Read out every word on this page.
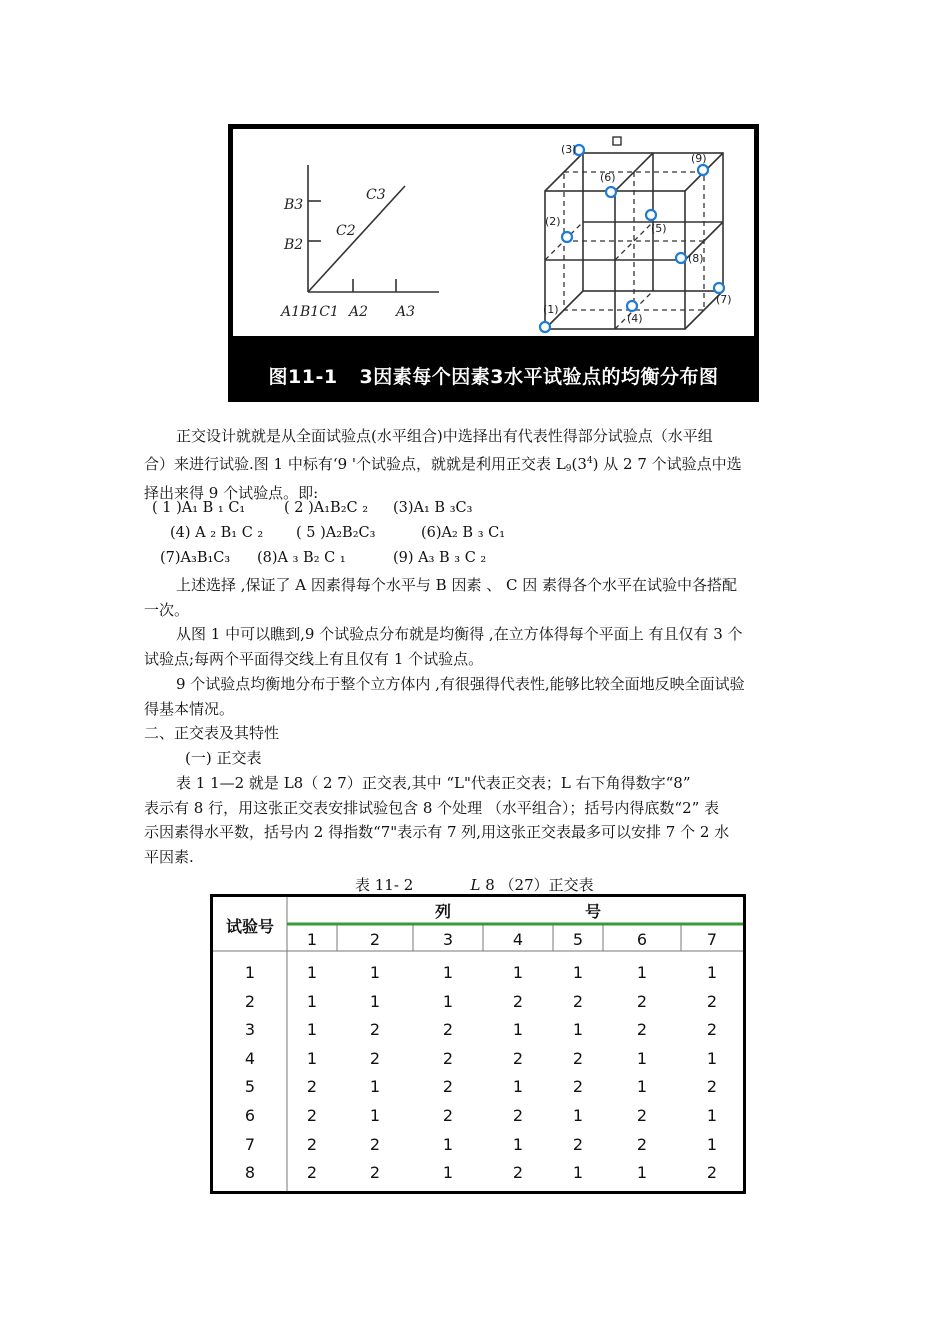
B3
B2
A1B1C1 A2 A3
C3
C2
(1)
(2)
(3)
(4)
(5)
(6)
(7)
(8)
(9)
图11-1 3因素每个因素3水平试验点的均衡分布图
正交设计就就是从全面试验点(水平组合)中选择出有代表性得部分试验点（水平组
合）来进行试验.图 1 中标有‘9 '个试验点，就就是利用正交表 $L_9(3^4)$ 从 2 7 个试验点中选
择出来得 9 个试验点。即:
( 1 )A₁ B ₁ C₁	( 2 )A₁B₂C ₂ (3)A₁ B ₃C₃
(4) A ₂ B₁ C ₂ ( 5 )A₂B₂C₃	(6)A₂ B ₃ C₁
(7)A₃B₁C₃ (8)A ₃ B₂ C ₁	(9) A₃ B ₃ C ₂
上述选择 ,保证了 A 因素得每个水平与 B 因素 、 C 因 素得各个水平在试验中各搭配
一次。
从图 1 中可以瞧到,9 个试验点分布就是均衡得 ,在立方体得每个平面上 有且仅有 3 个
试验点;每两个平面得交线上有且仅有 1 个试验点。
9 个试验点均衡地分布于整个立方体内 ,有很强得代表性,能够比较全面地反映全面试验
得基本情况。
二、正交表及其特性
(一) 正交表
表 1 1—2 就是 L8（ 2 7）正交表,其中 “L"代表正交表；L 右下角得数字“8”
表示有 8 行，用这张正交表安排试验包含 8 个处理 （水平组合）；括号内得底数“2” 表
示因素得水平数，括号内 2 得指数“7"表示有 7 列,用这张正交表最多可以安排 7 个 2 水
平因素.
表 11- 2	L 8 （27）正交表
试验号
列	号
1	2	3	4	5	6	7
1	1	1	1	1	1	1	1
2	1	1	1	2	2	2	2
3	1	2	2	1	1	2	2
4	1	2	2	2	2	1	1
5	2	1	2	1	2	1	2
6	2	1	2	2	1	2	1
7	2	2	1	1	2	2	1
8	2	2	1	2	1	1	2
